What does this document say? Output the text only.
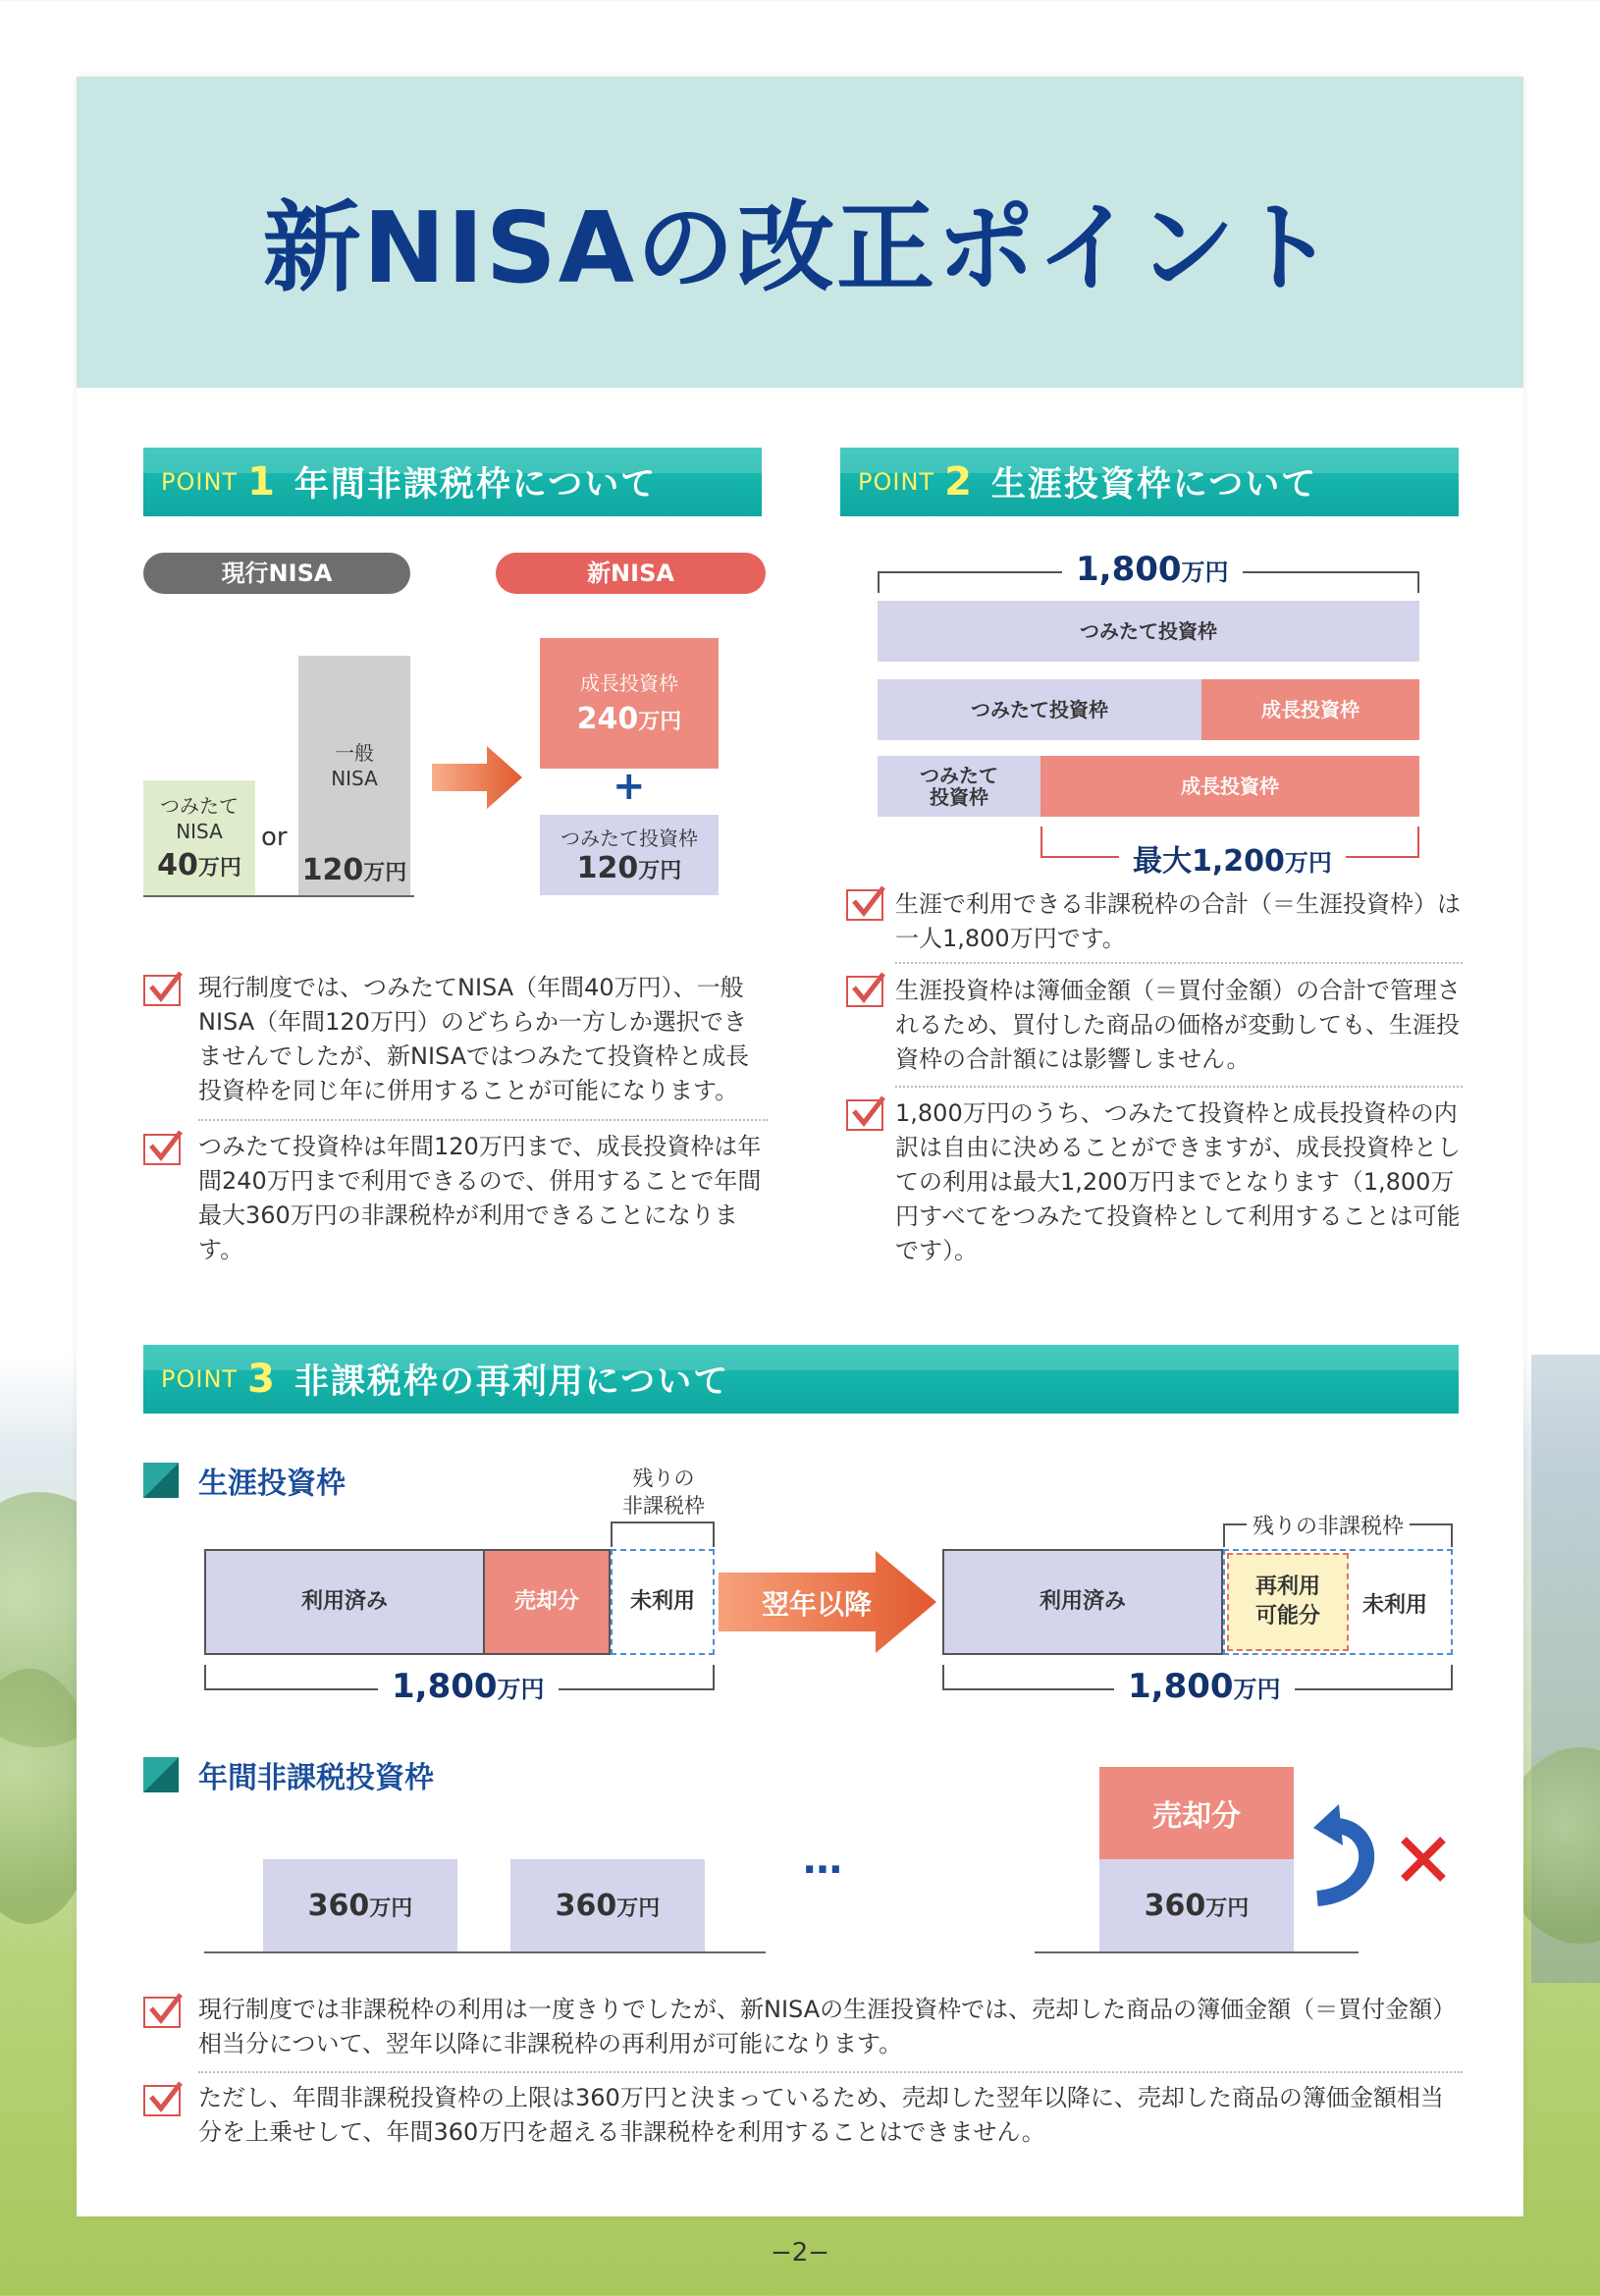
新NISAの改正ポイント
POINT 1 年間非課税枠について
現行NISA	新NISA
つみたて
NISA
40万円
or
一般
NISA
120万円
成長投資枠
240万円
+
つみたて投資枠
120万円
現行制度では、つみたてNISA（年間40万円）、一般NISA（年間120万円）のどちらか一方しか選択できませんでしたが、新NISAではつみたて投資枠と成長投資枠を同じ年に併用することが可能になります。
つみたて投資枠は年間120万円まで、成長投資枠は年間240万円まで利用できるので、併用することで年間最大360万円の非課税枠が利用できることになります。
POINT 2 生涯投資枠について
1,800万円
つみたて投資枠
つみたて投資枠	成長投資枠
つみたて
投資枠	成長投資枠
最大1,200万円
生涯で利用できる非課税枠の合計（＝生涯投資枠）は一人1,800万円です。
生涯投資枠は簿価金額（＝買付金額）の合計で管理されるため、買付した商品の価格が変動しても、生涯投資枠の合計額には影響しません。
1,800万円のうち、つみたて投資枠と成長投資枠の内訳は自由に決めることができますが、成長投資枠としての利用は最大1,200万円までとなります（1,800万円すべてをつみたて投資枠として利用することは可能です）。
POINT 3 非課税枠の再利用について
生涯投資枠	残りの
非課税枠
利用済み	売却分 未利用
1,800万円
翌年以降
残りの非課税枠
利用済み
再利用
可能分 未利用
1,800万円
年間非課税投資枠
360万円	360万円
…
売却分
360万円
現行制度では非課税枠の利用は一度きりでしたが、新NISAの生涯投資枠では、売却した商品の簿価金額（＝買付金額）相当分について、翌年以降に非課税枠の再利用が可能になります。
ただし、年間非課税投資枠の上限は360万円と決まっているため、売却した翌年以降に、売却した商品の簿価金額相当分を上乗せして、年間360万円を超える非課税枠を利用することはできません。
−2−
